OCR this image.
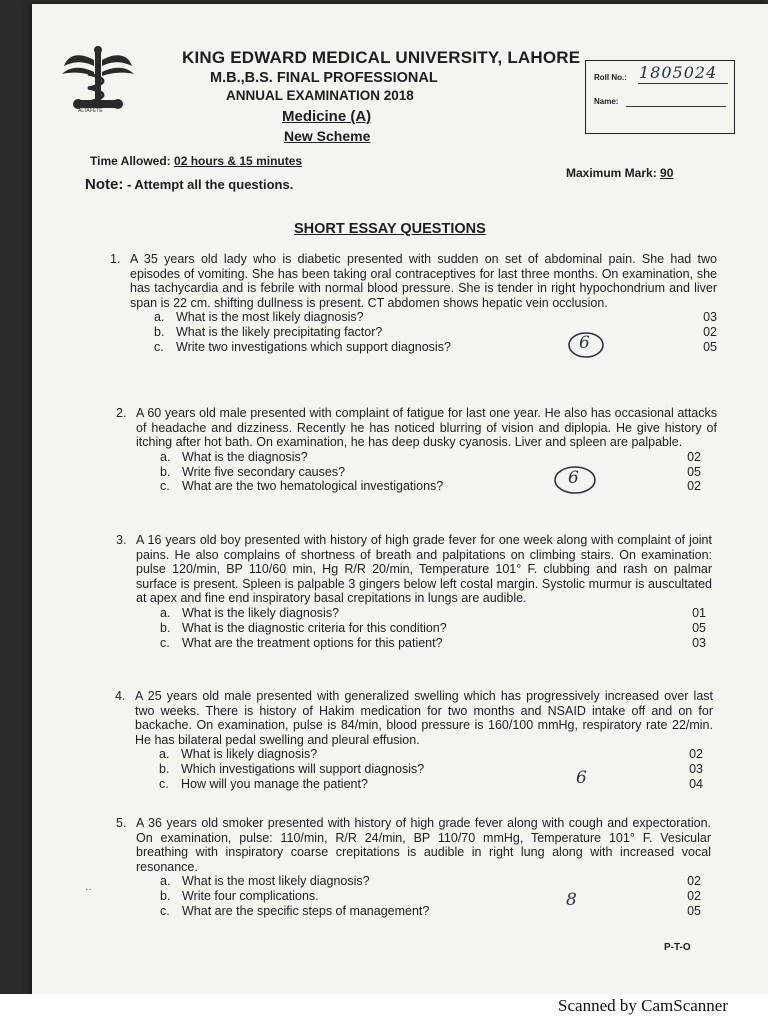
ALTAFETE
KING EDWARD MEDICAL UNIVERSITY, LAHORE
M.B.,B.S. FINAL PROFESSIONAL
ANNUAL EXAMINATION 2018
Medicine (A)
New Scheme
Roll No.: 1805024
Name:
Time Allowed: 02 hours & 15 minutes
Maximum Mark: 90
Note: - Attempt all the questions.
SHORT ESSAY QUESTIONS
1. A 35 years old lady who is diabetic presented with sudden on set of abdominal pain. She had two episodes of vomiting. She has been taking oral contraceptives for last three months. On examination, she has tachycardia and is febrile with normal blood pressure. She is tender in right hypochondrium and liver span is 22 cm. shifting dullness is present. CT abdomen shows hepatic vein occlusion.
a. What is the most likely diagnosis?	03
b. What is the likely precipitating factor?	02
c. Write two investigations which support diagnosis?	05
2. A 60 years old male presented with complaint of fatigue for last one year. He also has occasional attacks of headache and dizziness. Recently he has noticed blurring of vision and diplopia. He give history of itching after hot bath. On examination, he has deep dusky cyanosis. Liver and spleen are palpable.
a. What is the diagnosis?	02
b. Write five secondary causes?	05
c. What are the two hematological investigations?	02
3. A 16 years old boy presented with history of high grade fever for one week along with complaint of joint pains. He also complains of shortness of breath and palpitations on climbing stairs. On examination: pulse 120/min, BP 110/60 min, Hg R/R 20/min, Temperature 101° F. clubbing and rash on palmar surface is present. Spleen is palpable 3 gingers below left costal margin. Systolic murmur is auscultated at apex and fine end inspiratory basal crepitations in lungs are audible.
a. What is the likely diagnosis?	01
b. What is the diagnostic criteria for this condition?	05
c. What are the treatment options for this patient?	03
4. A 25 years old male presented with generalized swelling which has progressively increased over last two weeks. There is history of Hakim medication for two months and NSAID intake off and on for backache. On examination, pulse is 84/min, blood pressure is 160/100 mmHg, respiratory rate 22/min. He has bilateral pedal swelling and pleural effusion.
a. What is likely diagnosis?	02
b. Which investigations will support diagnosis?	03
c. How will you manage the patient?	04
5. A 36 years old smoker presented with history of high grade fever along with cough and expectoration. On examination, pulse: 110/min, R/R 24/min, BP 110/70 mmHg, Temperature 101° F. Vesicular breathing with inspiratory coarse crepitations is audible in right lung along with increased vocal resonance.
a. What is the most likely diagnosis?	02
b. Write four complications.	02
c. What are the specific steps of management?	05
6
6
6
8
··
P-T-O
Scanned by CamScanner
